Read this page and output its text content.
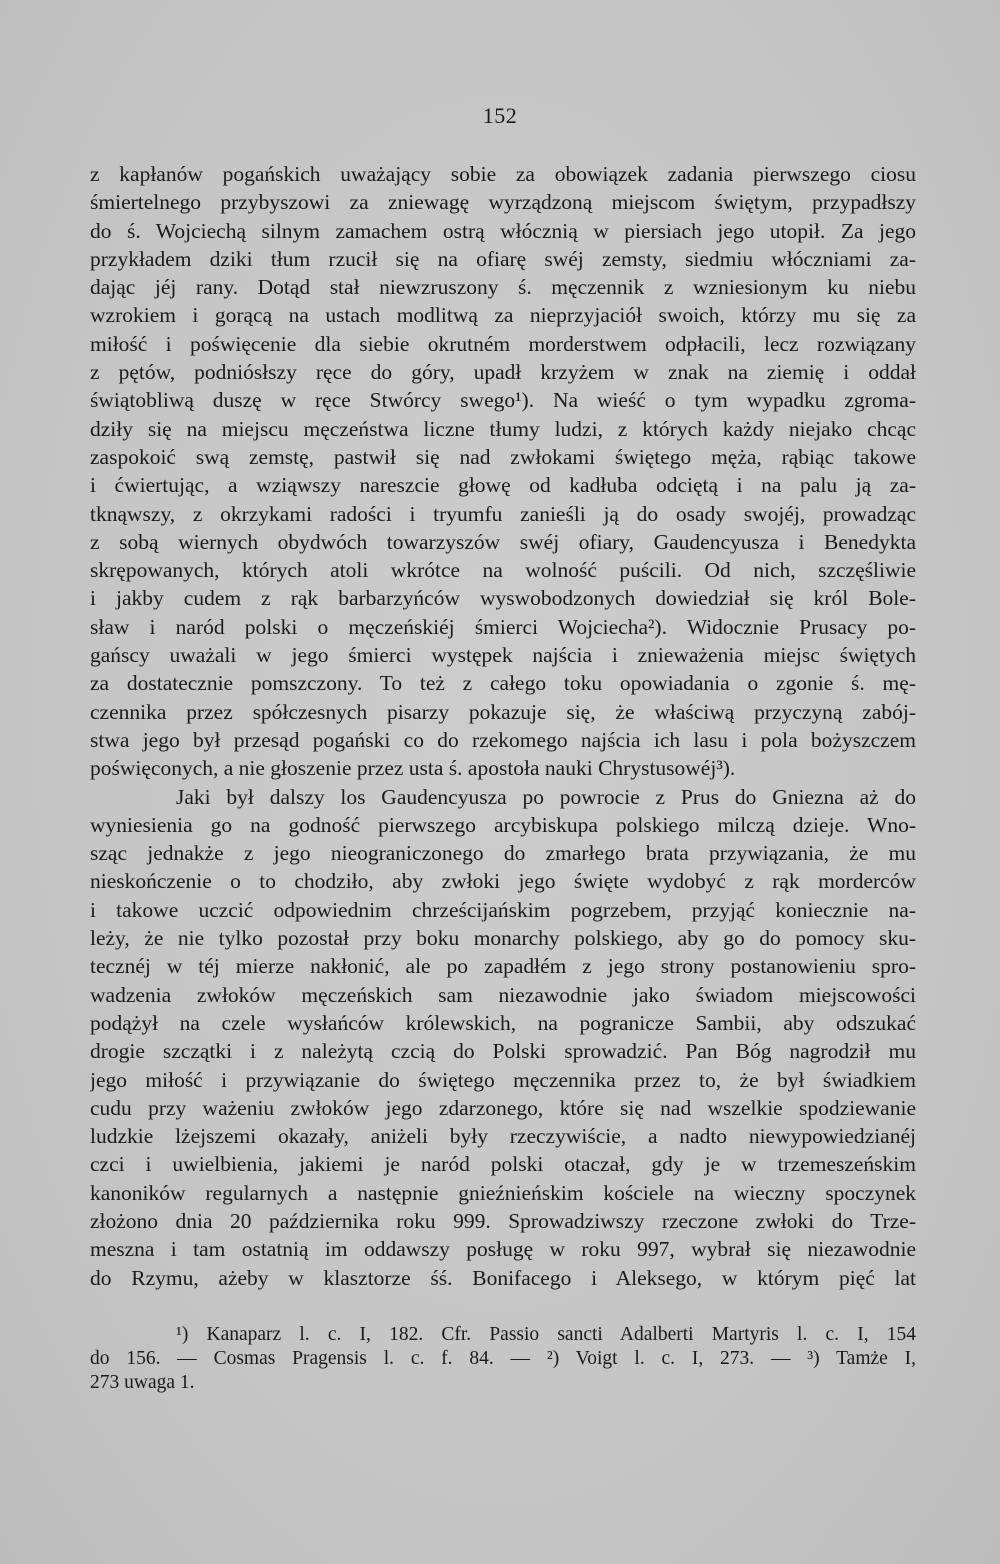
152
z kapłanów pogańskich uważający sobie za obowiązek zadania pierwszego ciosu
śmiertelnego przybyszowi za zniewagę wyrządzoną miejscom świętym, przypadłszy
do ś. Wojciechą silnym zamachem ostrą włócznią w piersiach jego utopił. Za jego
przykładem dziki tłum rzucił się na ofiarę swéj zemsty, siedmiu włóczniami za-
dając jéj rany. Dotąd stał niewzruszony ś. męczennik z wzniesionym ku niebu
wzrokiem i gorącą na ustach modlitwą za nieprzyjaciół swoich, którzy mu się za
miłość i poświęcenie dla siebie okrutném morderstwem odpłacili, lecz rozwiązany
z pętów, podniósłszy ręce do góry, upadł krzyżem w znak na ziemię i oddał
świątobliwą duszę w ręce Stwórcy swego¹). Na wieść o tym wypadku zgroma-
dziły się na miejscu męczeństwa liczne tłumy ludzi, z których każdy niejako chcąc
zaspokoić swą zemstę, pastwił się nad zwłokami świętego męża, rąbiąc takowe
i ćwiertując, a wziąwszy nareszcie głowę od kadłuba odciętą i na palu ją za-
tknąwszy, z okrzykami radości i tryumfu zanieśli ją do osady swojéj, prowadząc
z sobą wiernych obydwóch towarzyszów swéj ofiary, Gaudencyusza i Benedykta
skrępowanych, których atoli wkrótce na wolność puścili. Od nich, szczęśliwie
i jakby cudem z rąk barbarzyńców wyswobodzonych dowiedział się król Bole-
sław i naród polski o męczeńskiéj śmierci Wojciecha²). Widocznie Prusacy po-
gańscy uważali w jego śmierci występek najścia i znieważenia miejsc świętych
za dostatecznie pomszczony. To też z całego toku opowiadania o zgonie ś. mę-
czennika przez spółczesnych pisarzy pokazuje się, że właściwą przyczyną zabój-
stwa jego był przesąd pogański co do rzekomego najścia ich lasu i pola bożyszczem
poświęconych, a nie głoszenie przez usta ś. apostoła nauki Chrystusowéj³).
Jaki był dalszy los Gaudencyusza po powrocie z Prus do Gniezna aż do
wyniesienia go na godność pierwszego arcybiskupa polskiego milczą dzieje. Wno-
sząc jednakże z jego nieograniczonego do zmarłego brata przywiązania, że mu
nieskończenie o to chodziło, aby zwłoki jego święte wydobyć z rąk morderców
i takowe uczcić odpowiednim chrześcijańskim pogrzebem, przyjąć koniecznie na-
leży, że nie tylko pozostał przy boku monarchy polskiego, aby go do pomocy sku-
tecznéj w téj mierze nakłonić, ale po zapadłém z jego strony postanowieniu spro-
wadzenia zwłoków męczeńskich sam niezawodnie jako świadom miejscowości
podążył na czele wysłańców królewskich, na pogranicze Sambii, aby odszukać
drogie szczątki i z należytą czcią do Polski sprowadzić. Pan Bóg nagrodził mu
jego miłość i przywiązanie do świętego męczennika przez to, że był świadkiem
cudu przy ważeniu zwłoków jego zdarzonego, które się nad wszelkie spodziewanie
ludzkie lżejszemi okazały, aniżeli były rzeczywiście, a nadto niewypowiedzianéj
czci i uwielbienia, jakiemi je naród polski otaczał, gdy je w trzemeszeńskim
kanoników regularnych a następnie gnieźnieńskim kościele na wieczny spoczynek
złożono dnia 20 października roku 999. Sprowadziwszy rzeczone zwłoki do Trze-
meszna i tam ostatnią im oddawszy posługę w roku 997, wybrał się niezawodnie
do Rzymu, ażeby w klasztorze śś. Bonifacego i Aleksego, w którym pięć lat
¹) Kanaparz l. c. I, 182. Cfr. Passio sancti Adalberti Martyris l. c. I, 154
do 156. — Cosmas Pragensis l. c. f. 84. — ²) Voigt l. c. I, 273. — ³) Tamże I,
273 uwaga 1.
